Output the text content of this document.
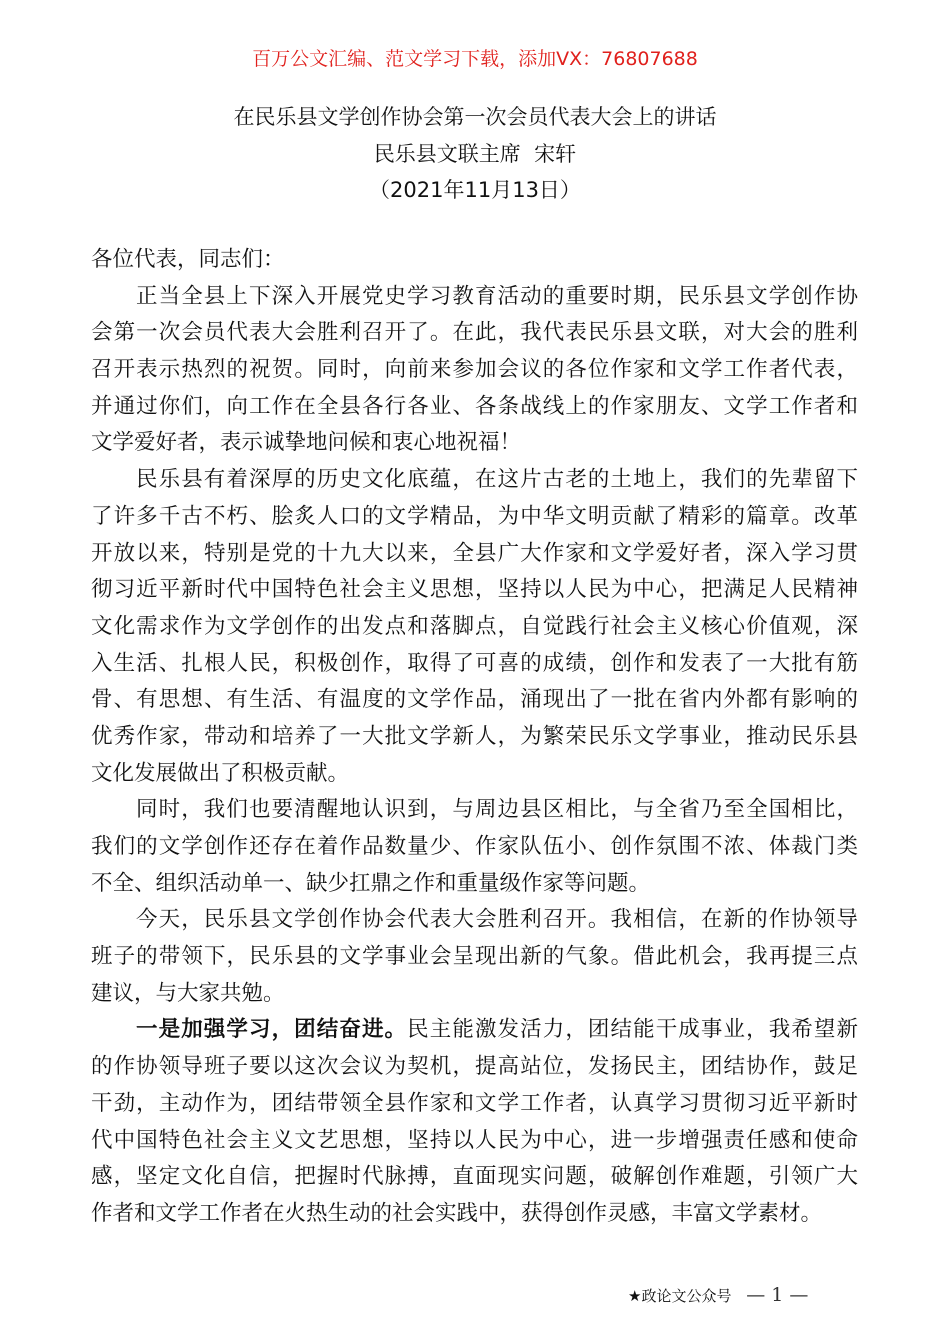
百万公文汇编、范文学习下载，添加VX：76807688
在民乐县文学创作协会第一次会员代表大会上的讲话
民乐县文联主席  宋轩
（2021年11月13日）
各位代表，同志们：
正当全县上下深入开展党史学习教育活动的重要时期，民乐县文学创作协
会第一次会员代表大会胜利召开了。在此，我代表民乐县文联，对大会的胜利
召开表示热烈的祝贺。同时，向前来参加会议的各位作家和文学工作者代表，
并通过你们，向工作在全县各行各业、各条战线上的作家朋友、文学工作者和
文学爱好者，表示诚挚地问候和衷心地祝福！
民乐县有着深厚的历史文化底蕴，在这片古老的土地上，我们的先辈留下
了许多千古不朽、脍炙人口的文学精品，为中华文明贡献了精彩的篇章。改革
开放以来，特别是党的十九大以来，全县广大作家和文学爱好者，深入学习贯
彻习近平新时代中国特色社会主义思想，坚持以人民为中心，把满足人民精神
文化需求作为文学创作的出发点和落脚点，自觉践行社会主义核心价值观，深
入生活、扎根人民，积极创作，取得了可喜的成绩，创作和发表了一大批有筋
骨、有思想、有生活、有温度的文学作品，涌现出了一批在省内外都有影响的
优秀作家，带动和培养了一大批文学新人，为繁荣民乐文学事业，推动民乐县
文化发展做出了积极贡献。
同时，我们也要清醒地认识到，与周边县区相比，与全省乃至全国相比，
我们的文学创作还存在着作品数量少、作家队伍小、创作氛围不浓、体裁门类
不全、组织活动单一、缺少扛鼎之作和重量级作家等问题。
今天，民乐县文学创作协会代表大会胜利召开。我相信，在新的作协领导
班子的带领下，民乐县的文学事业会呈现出新的气象。借此机会，我再提三点
建议，与大家共勉。
一是加强学习，团结奋进。民主能激发活力，团结能干成事业，我希望新
的作协领导班子要以这次会议为契机，提高站位，发扬民主，团结协作，鼓足
干劲，主动作为，团结带领全县作家和文学工作者，认真学习贯彻习近平新时
代中国特色社会主义文艺思想，坚持以人民为中心，进一步增强责任感和使命
感，坚定文化自信，把握时代脉搏，直面现实问题，破解创作难题，引领广大
作者和文学工作者在火热生动的社会实践中，获得创作灵感，丰富文学素材。
★政论文公众号 — 1 —
